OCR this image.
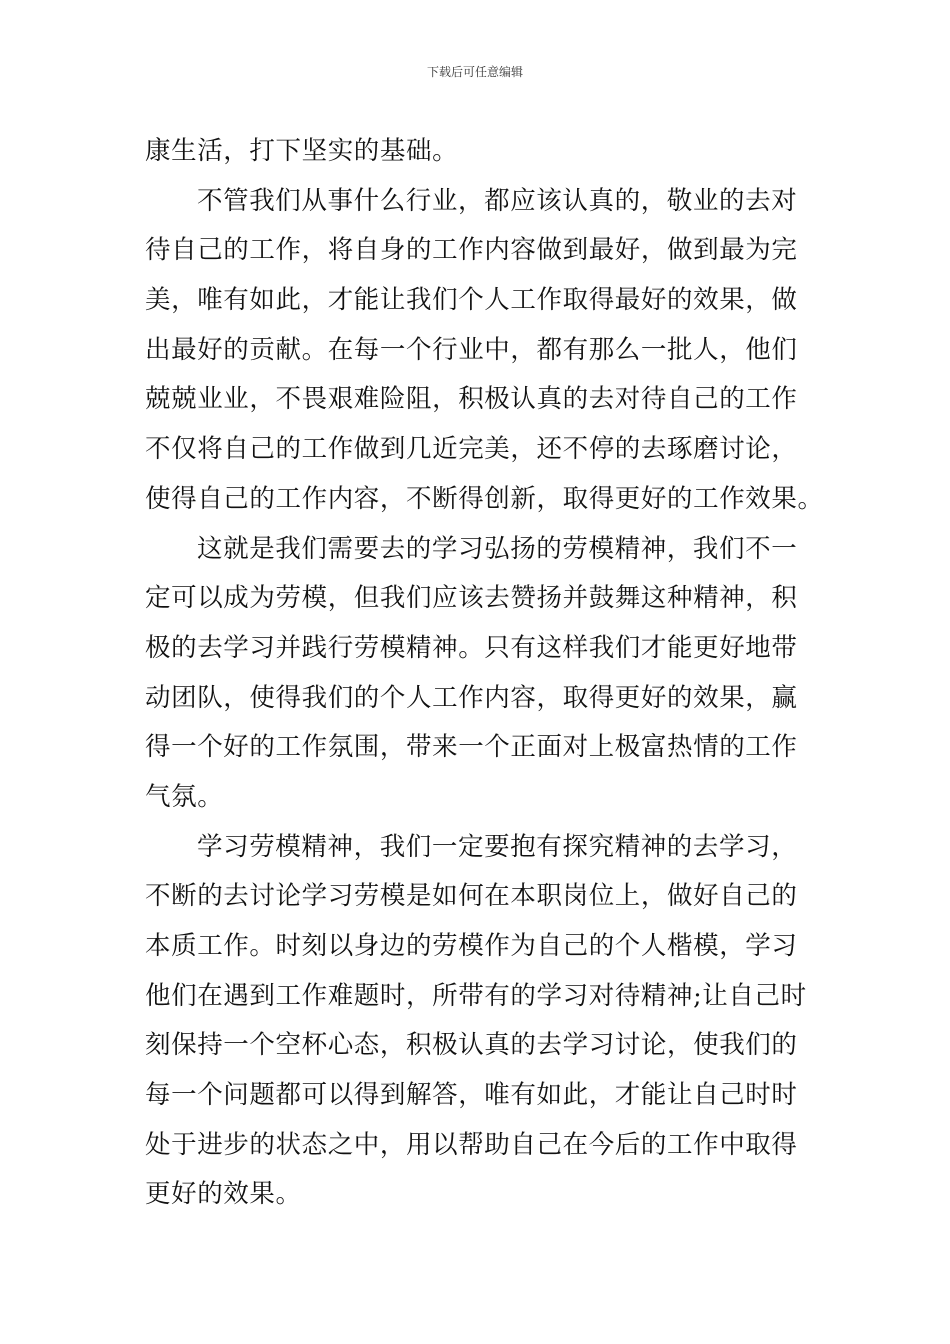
下载后可任意编辑
康生活，打下坚实的基础。
不管我们从事什么行业，都应该认真的，敬业的去对
待自己的工作，将自身的工作内容做到最好，做到最为完
美，唯有如此，才能让我们个人工作取得最好的效果，做
出最好的贡献。在每一个行业中，都有那么一批人，他们
兢兢业业，不畏艰难险阻，积极认真的去对待自己的工作
不仅将自己的工作做到几近完美，还不停的去琢磨讨论，
使得自己的工作内容，不断得创新，取得更好的工作效果。
这就是我们需要去的学习弘扬的劳模精神，我们不一
定可以成为劳模，但我们应该去赞扬并鼓舞这种精神，积
极的去学习并践行劳模精神。只有这样我们才能更好地带
动团队，使得我们的个人工作内容，取得更好的效果，赢
得一个好的工作氛围，带来一个正面对上极富热情的工作
气氛。
学习劳模精神，我们一定要抱有探究精神的去学习，
不断的去讨论学习劳模是如何在本职岗位上，做好自己的
本质工作。时刻以身边的劳模作为自己的个人楷模，学习
他们在遇到工作难题时，所带有的学习对待精神;让自己时
刻保持一个空杯心态，积极认真的去学习讨论，使我们的
每一个问题都可以得到解答，唯有如此，才能让自己时时
处于进步的状态之中，用以帮助自己在今后的工作中取得
更好的效果。
